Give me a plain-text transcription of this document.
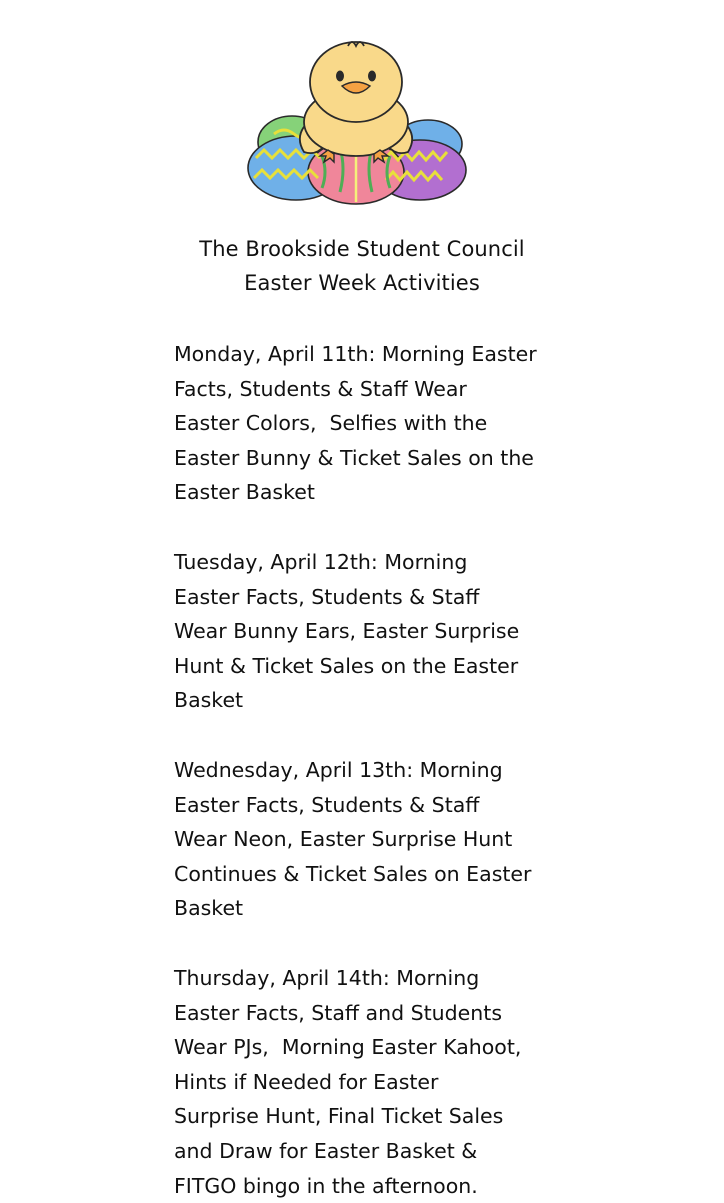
The Brookside Student Council
Easter Week Activities
Monday, April 11th: Morning Easter
Facts, Students & Staff Wear
Easter Colors,  Selfies with the
Easter Bunny & Ticket Sales on the
Easter Basket
Tuesday, April 12th: Morning
Easter Facts, Students & Staff
Wear Bunny Ears, Easter Surprise
Hunt & Ticket Sales on the Easter
Basket
Wednesday, April 13th: Morning
Easter Facts, Students & Staff
Wear Neon, Easter Surprise Hunt
Continues & Ticket Sales on Easter
Basket
Thursday, April 14th: Morning
Easter Facts, Staff and Students
Wear PJs,  Morning Easter Kahoot,
Hints if Needed for Easter
Surprise Hunt, Final Ticket Sales
and Draw for Easter Basket &
FITGO bingo in the afternoon.
